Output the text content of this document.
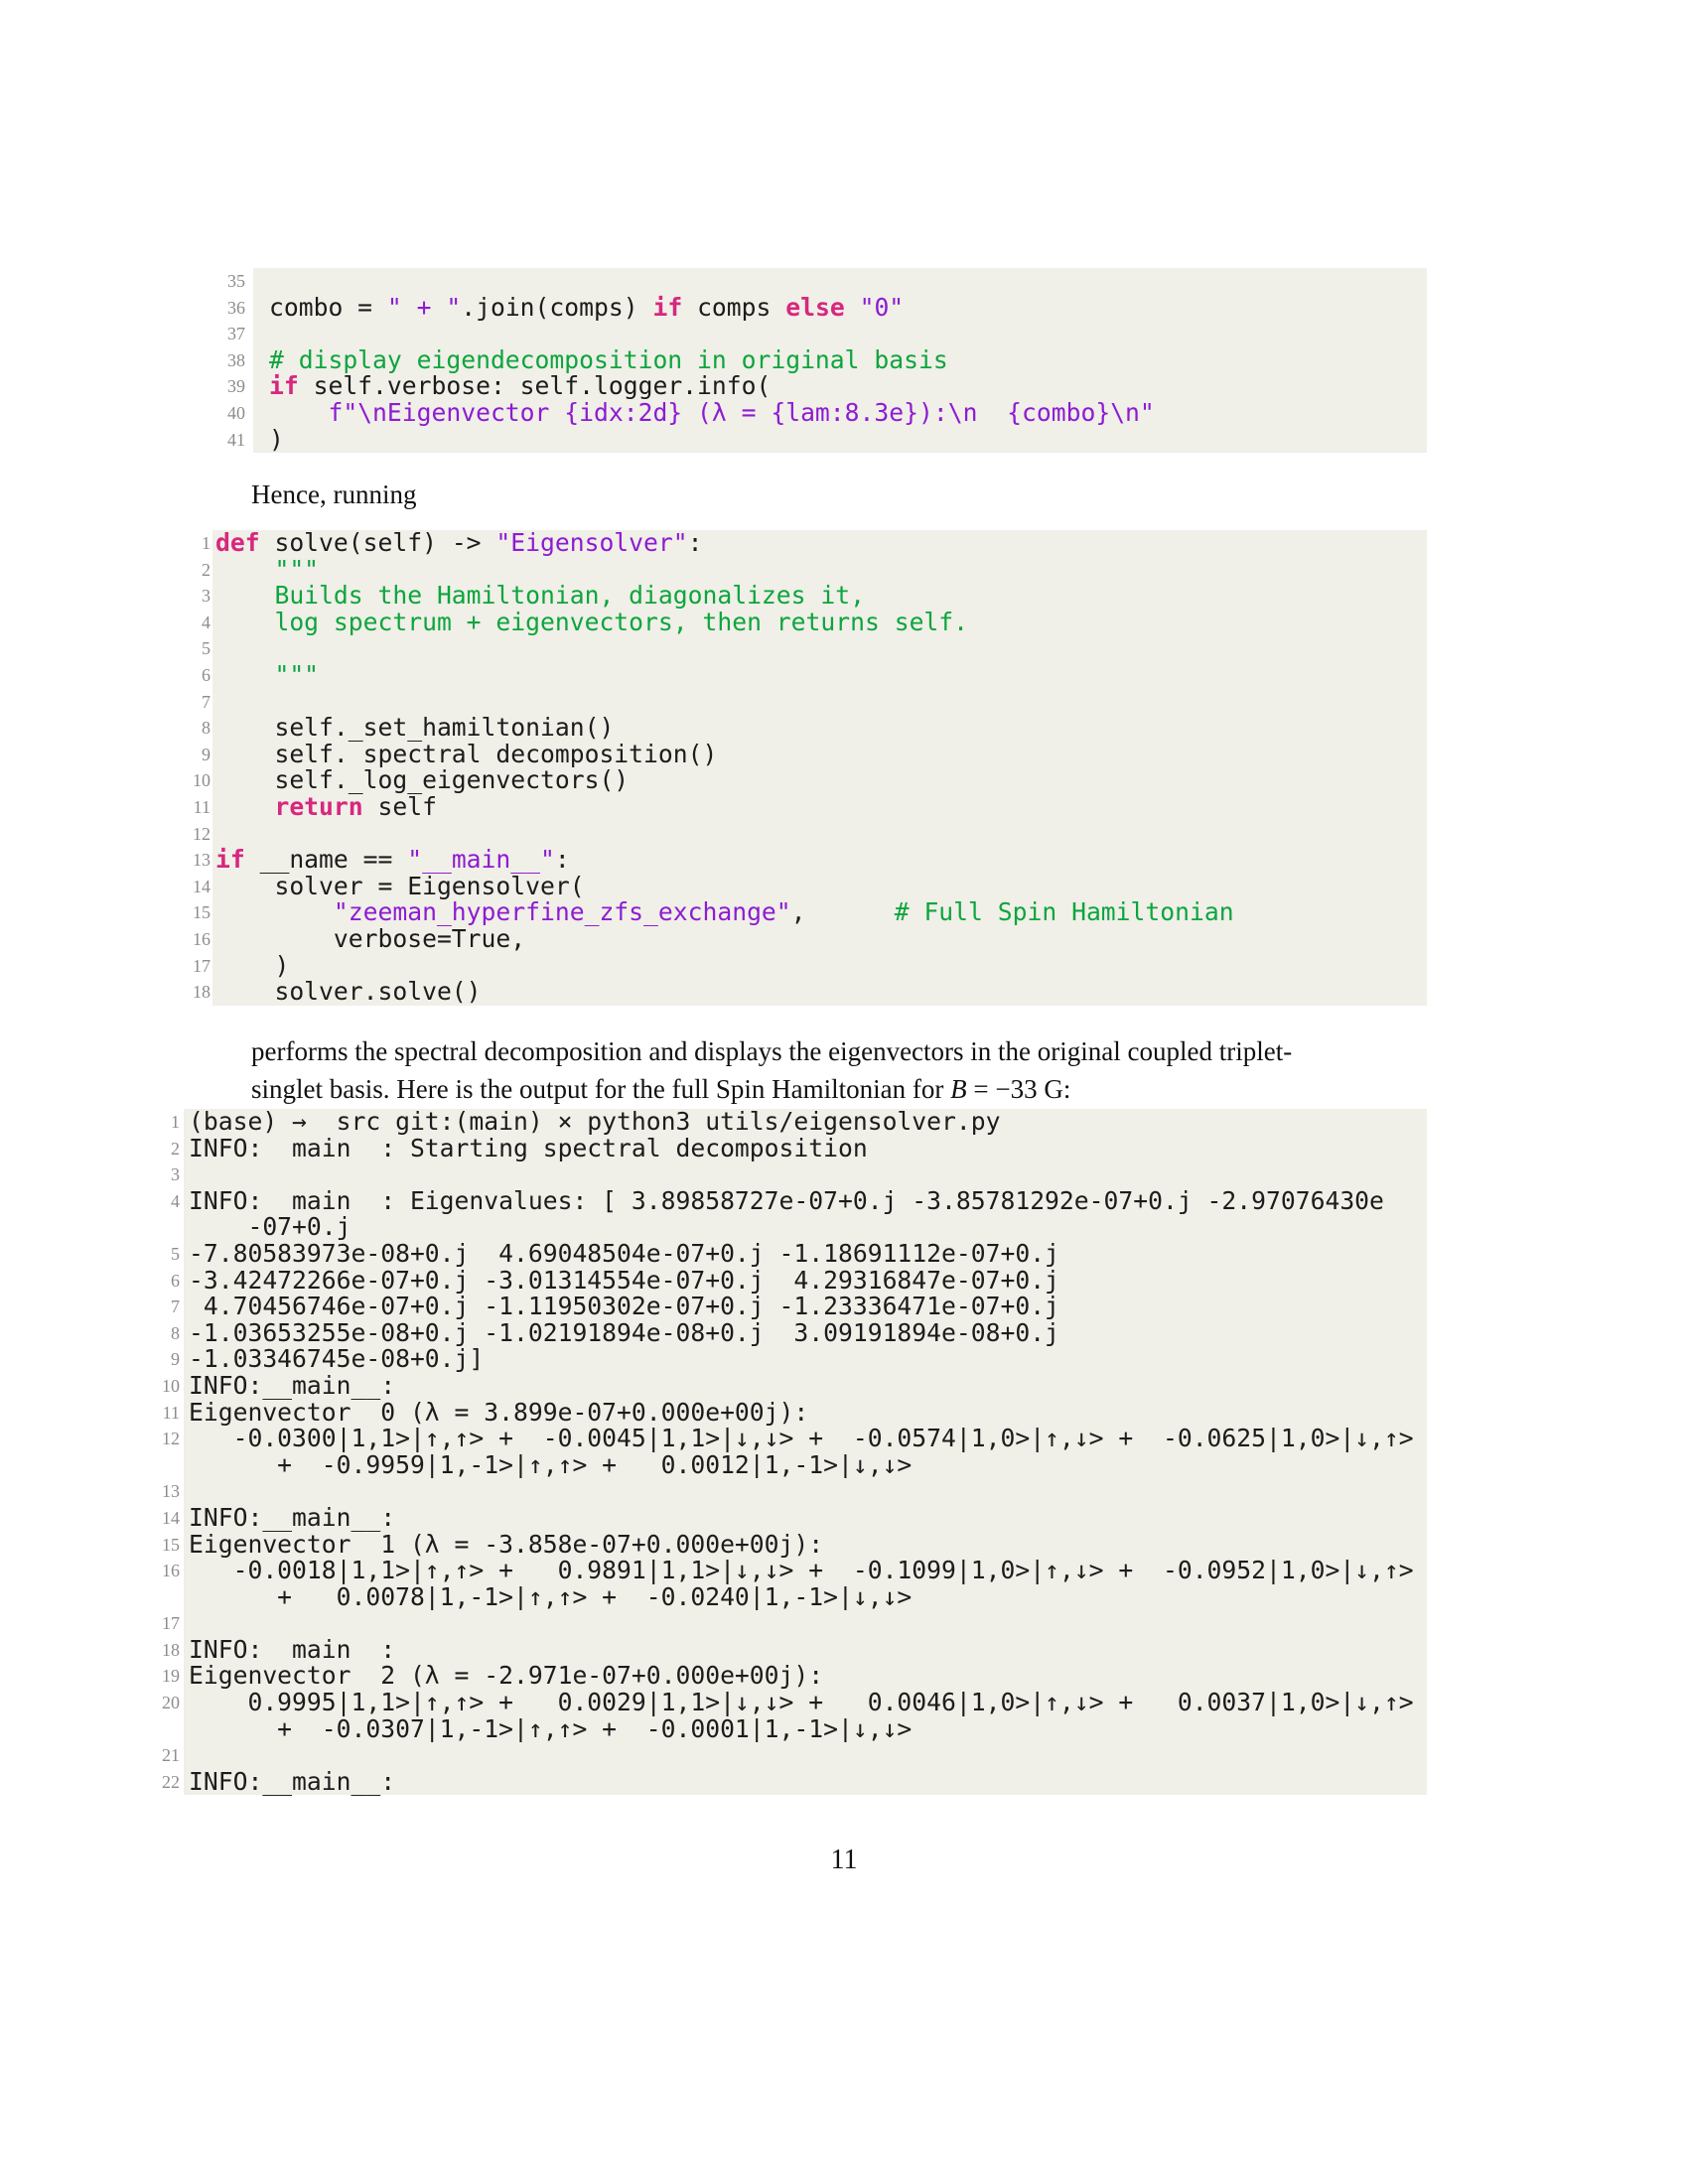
35
36 combo = " + ".join(comps) if comps else "0"
37
38 # display eigendecomposition in original basis
39 if self.verbose: self.logger.info(
40	f"\nEigenvector {idx:2d} (λ = {lam:8.3e}):\n  {combo}\n"
41 )
Hence, running
1 def solve(self) -> "Eigensolver":
2 """
3 Builds the Hamiltonian, diagonalizes it,
4 log spectrum + eigenvectors, then returns self.
5
6 """
7
8 self._set_hamiltonian()
9 self._spectral_decomposition()
10 self._log_eigenvectors()
11	return self
12
13 if __name == "__main__":
14 solver = Eigensolver(
15	"zeeman_hyperfine_zfs_exchange",      # Full Spin Hamiltonian
16 verbose=True,
17 )
18 solver.solve()
performs the spectral decomposition and displays the eigenvectors in the original coupled triplet-
singlet basis. Here is the output for the full Spin Hamiltonian for B = −33 G:
1 (base) →  src git:(main) × python3 utils/eigensolver.py
2 INFO:__main__: Starting spectral decomposition
3
4 INFO:__main__: Eigenvalues: [ 3.89858727e-07+0.j -3.85781292e-07+0.j -2.97076430e
-07+0.j
5 -7.80583973e-08+0.j  4.69048504e-07+0.j -1.18691112e-07+0.j
6 -3.42472266e-07+0.j -3.01314554e-07+0.j  4.29316847e-07+0.j
7 4.70456746e-07+0.j -1.11950302e-07+0.j -1.23336471e-07+0.j
8 -1.03653255e-08+0.j -1.02191894e-08+0.j  3.09191894e-08+0.j
9 -1.03346745e-08+0.j]
10 INFO:__main__:
11 Eigenvector  0 (λ = 3.899e-07+0.000e+00j):
12 -0.0300|1,1>|↑,↑> +  -0.0045|1,1>|↓,↓> +  -0.0574|1,0>|↑,↓> +  -0.0625|1,0>|↓,↑>
+  -0.9959|1,-1>|↑,↑> +   0.0012|1,-1>|↓,↓>
13
14 INFO:__main__:
15 Eigenvector  1 (λ = -3.858e-07+0.000e+00j):
16 -0.0018|1,1>|↑,↑> +   0.9891|1,1>|↓,↓> +  -0.1099|1,0>|↑,↓> +  -0.0952|1,0>|↓,↑>
+   0.0078|1,-1>|↑,↑> +  -0.0240|1,-1>|↓,↓>
17
18 INFO:__main__:
19 Eigenvector  2 (λ = -2.971e-07+0.000e+00j):
20 0.9995|1,1>|↑,↑> +   0.0029|1,1>|↓,↓> +   0.0046|1,0>|↑,↓> +   0.0037|1,0>|↓,↑>
+  -0.0307|1,-1>|↑,↑> +  -0.0001|1,-1>|↓,↓>
21
22 INFO:__main__:
11
